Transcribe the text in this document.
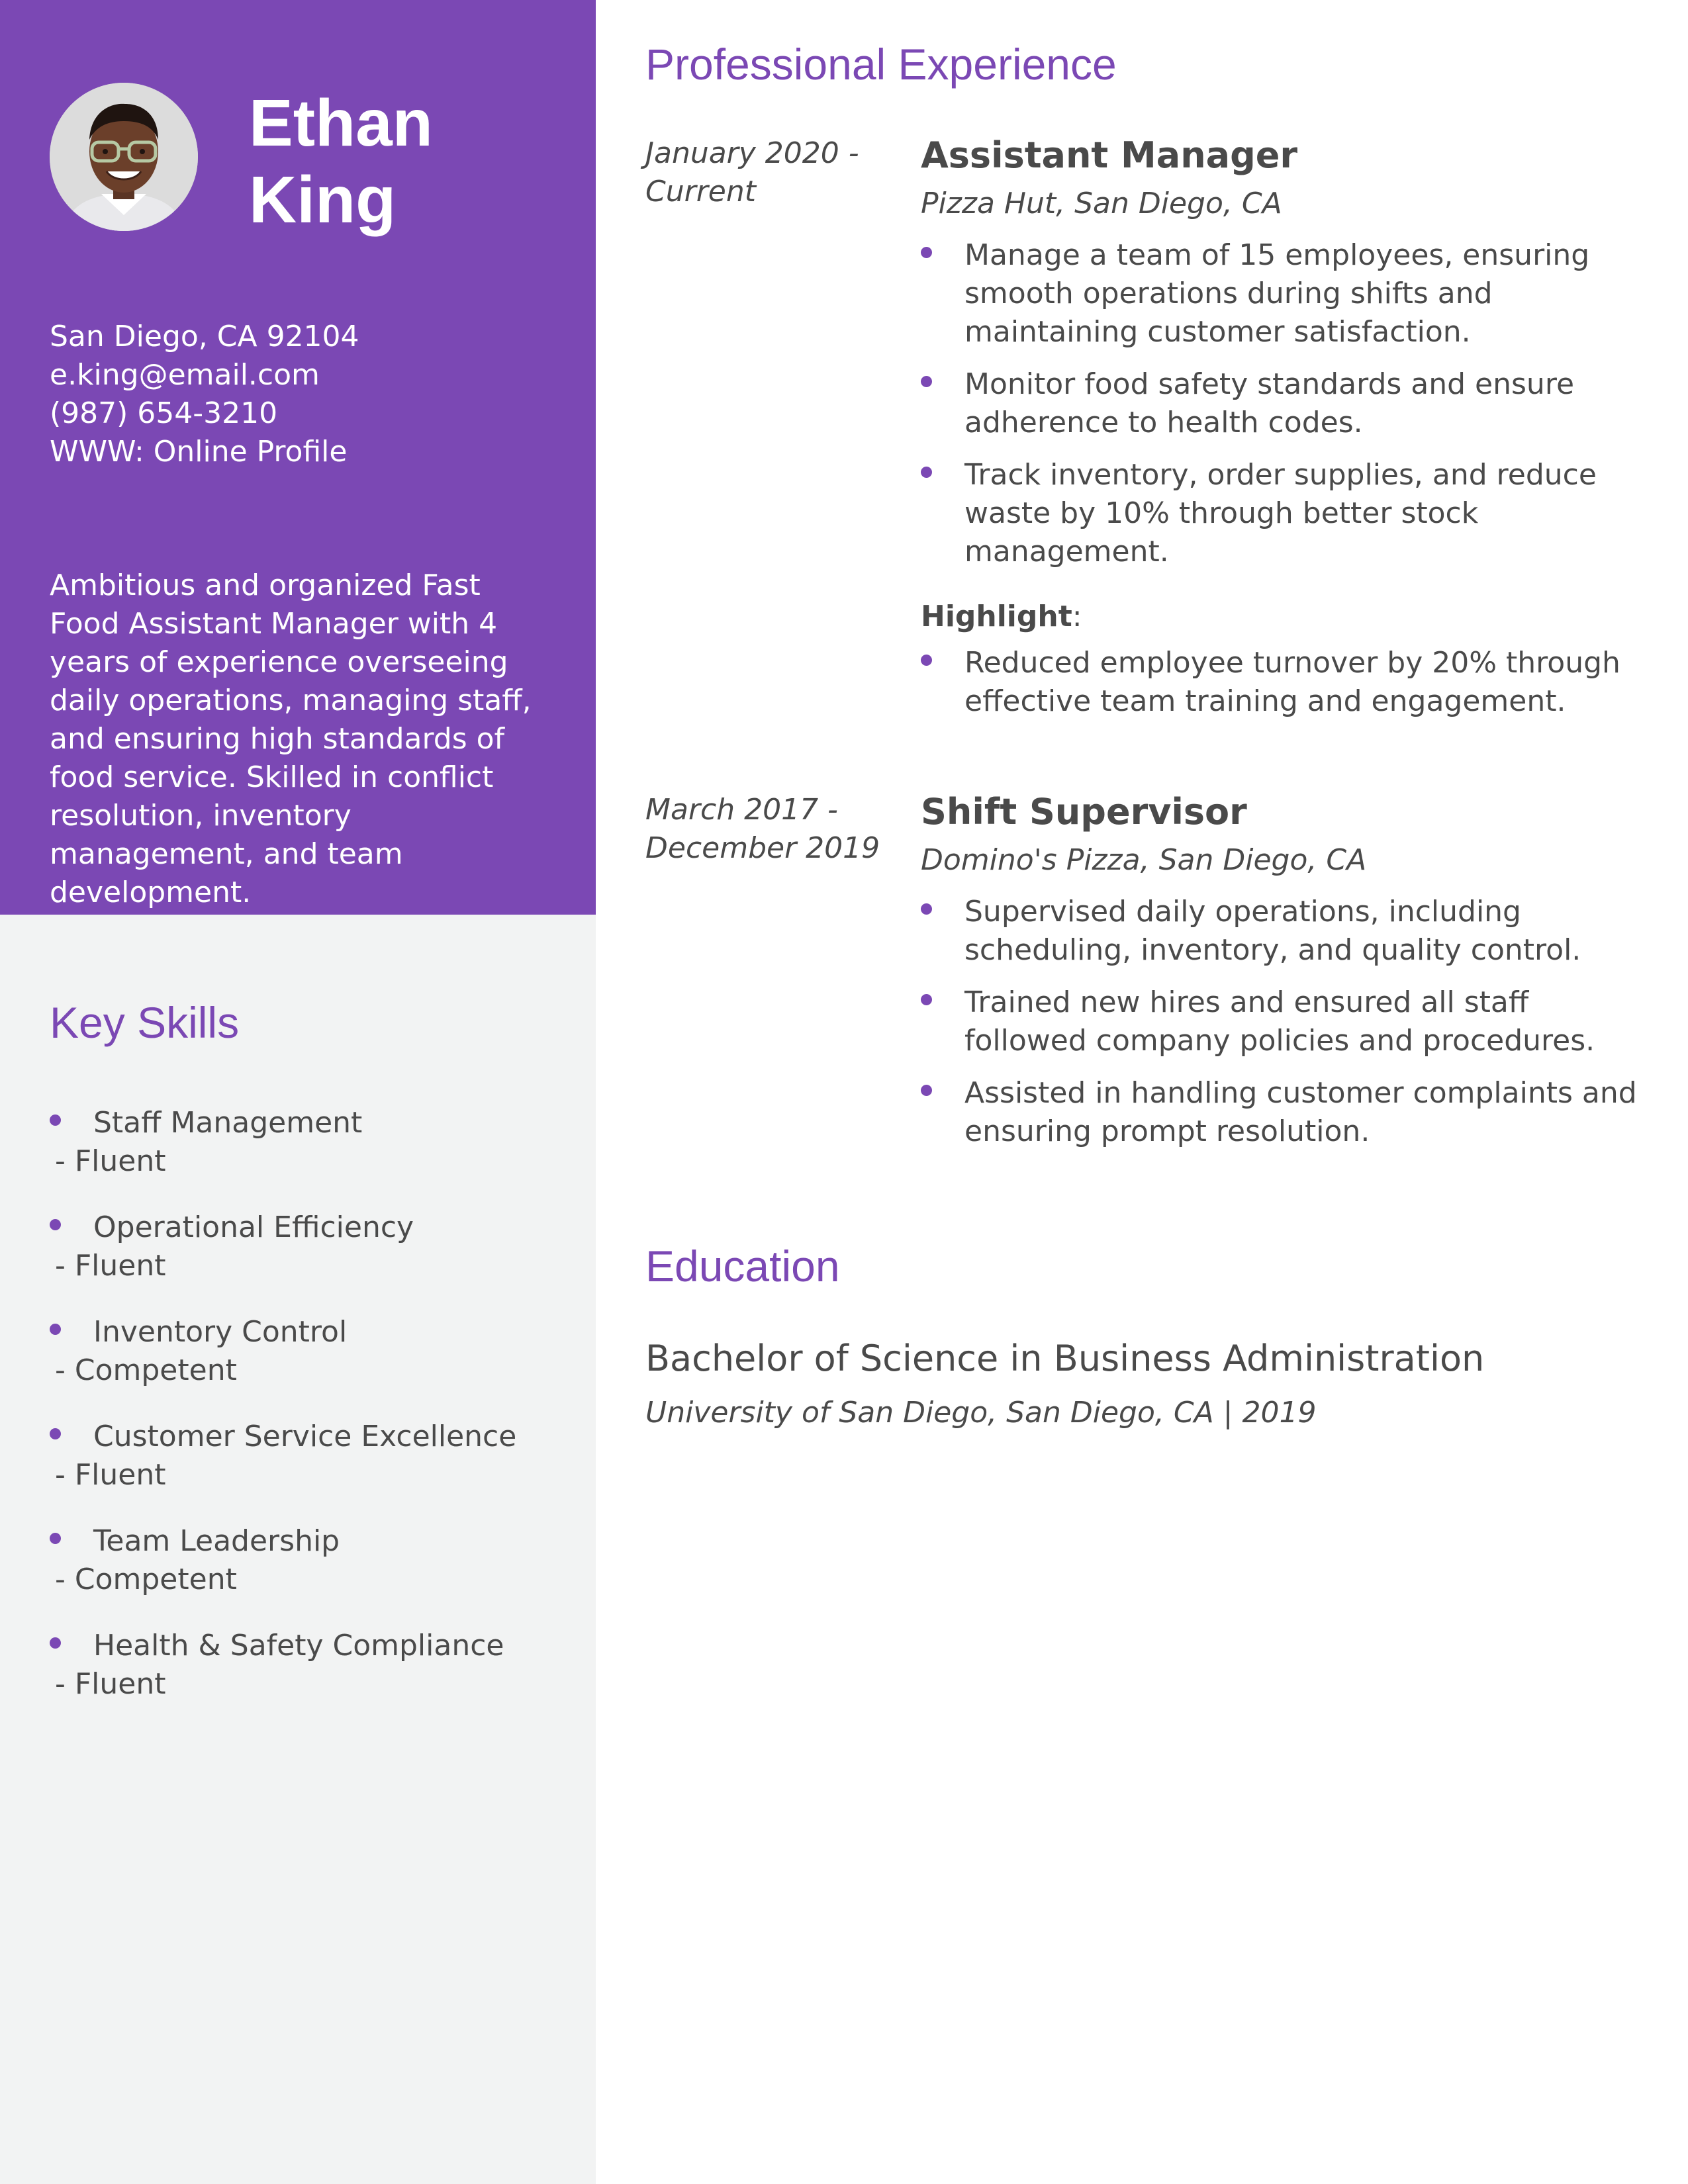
Ethan
King
San Diego, CA 92104
e.king@email.com
(987) 654-3210
WWW: Online Profile
Ambitious and organized Fast Food Assistant Manager with 4 years of experience overseeing daily operations, managing staff, and ensuring high standards of food service. Skilled in conflict resolution, inventory management, and team development.
Key Skills
Staff Management
- Fluent
Operational Efficiency
- Fluent
Inventory Control
- Competent
Customer Service Excellence
- Fluent
Team Leadership
- Competent
Health & Safety Compliance
- Fluent
Professional Experience
January 2020 - Current
Assistant Manager

Pizza Hut, San Diego, CA

Manage a team of 15 employees, ensuring smooth operations during shifts and maintaining customer satisfaction.
Monitor food safety standards and ensure adherence to health codes.
Track inventory, order supplies, and reduce waste by 10% through better stock management.

Highlight:

Reduced employee turnover by 20% through effective team training and engagement.
March 2017 - December 2019
Shift Supervisor

Domino's Pizza, San Diego, CA

Supervised daily operations, including scheduling, inventory, and quality control.
Trained new hires and ensured all staff followed company policies and procedures.
Assisted in handling customer complaints and ensuring prompt resolution.
Education
Bachelor of Science in Business Administration
University of San Diego, San Diego, CA | 2019
